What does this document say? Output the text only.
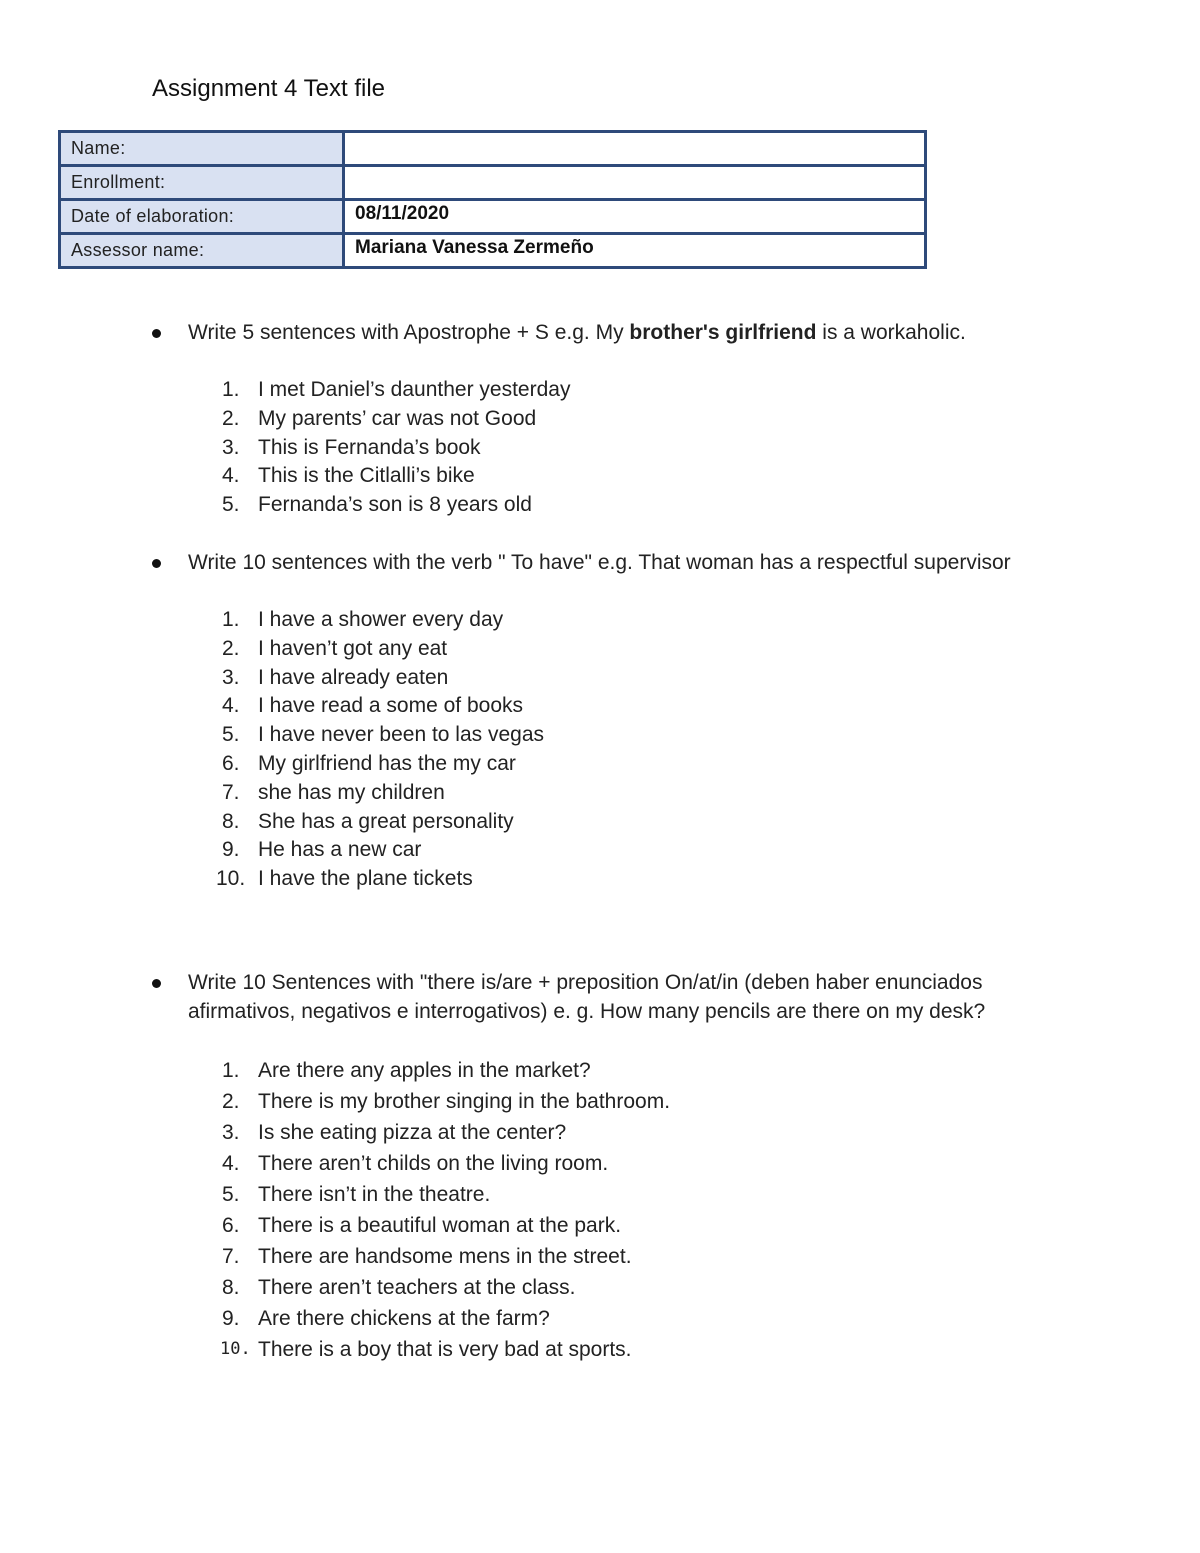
Assignment 4 Text file
Name:	
Enrollment:	
Date of elaboration:	08/11/2020
Assessor name:	Mariana Vanessa Zermeño
Write 5 sentences with Apostrophe + S e.g. My brother's girlfriend is a workaholic.
1. I met Daniel’s daunther yesterday
2. My parents’ car was not Good
3. This is Fernanda’s book
4. This is the Citlalli’s bike
5. Fernanda’s son is 8 years old
Write 10 sentences with the verb " To have" e.g. That woman has a respectful supervisor
1. I have a shower every day
2. I haven’t got any eat
3. I have already eaten
4. I have read a some of books
5. I have never been to las vegas
6. My girlfriend has the my car
7. she has my children
8. She has a great personality
9. He has a new car
10. I have the plane tickets
Write 10 Sentences with "there is/are + preposition On/at/in (deben haber enunciados afirmativos, negativos e interrogativos) e. g. How many pencils are there on my desk?
1. Are there any apples in the market?
2. There is my brother singing in the bathroom.
3. Is she eating pizza at the center?
4. There aren’t childs on the living room.
5. There isn’t in the theatre.
6. There is a beautiful woman at the park.
7. There are handsome mens in the street.
8. There aren’t teachers at the class.
9. Are there chickens at the farm?
10. There is a boy that is very bad at sports.
